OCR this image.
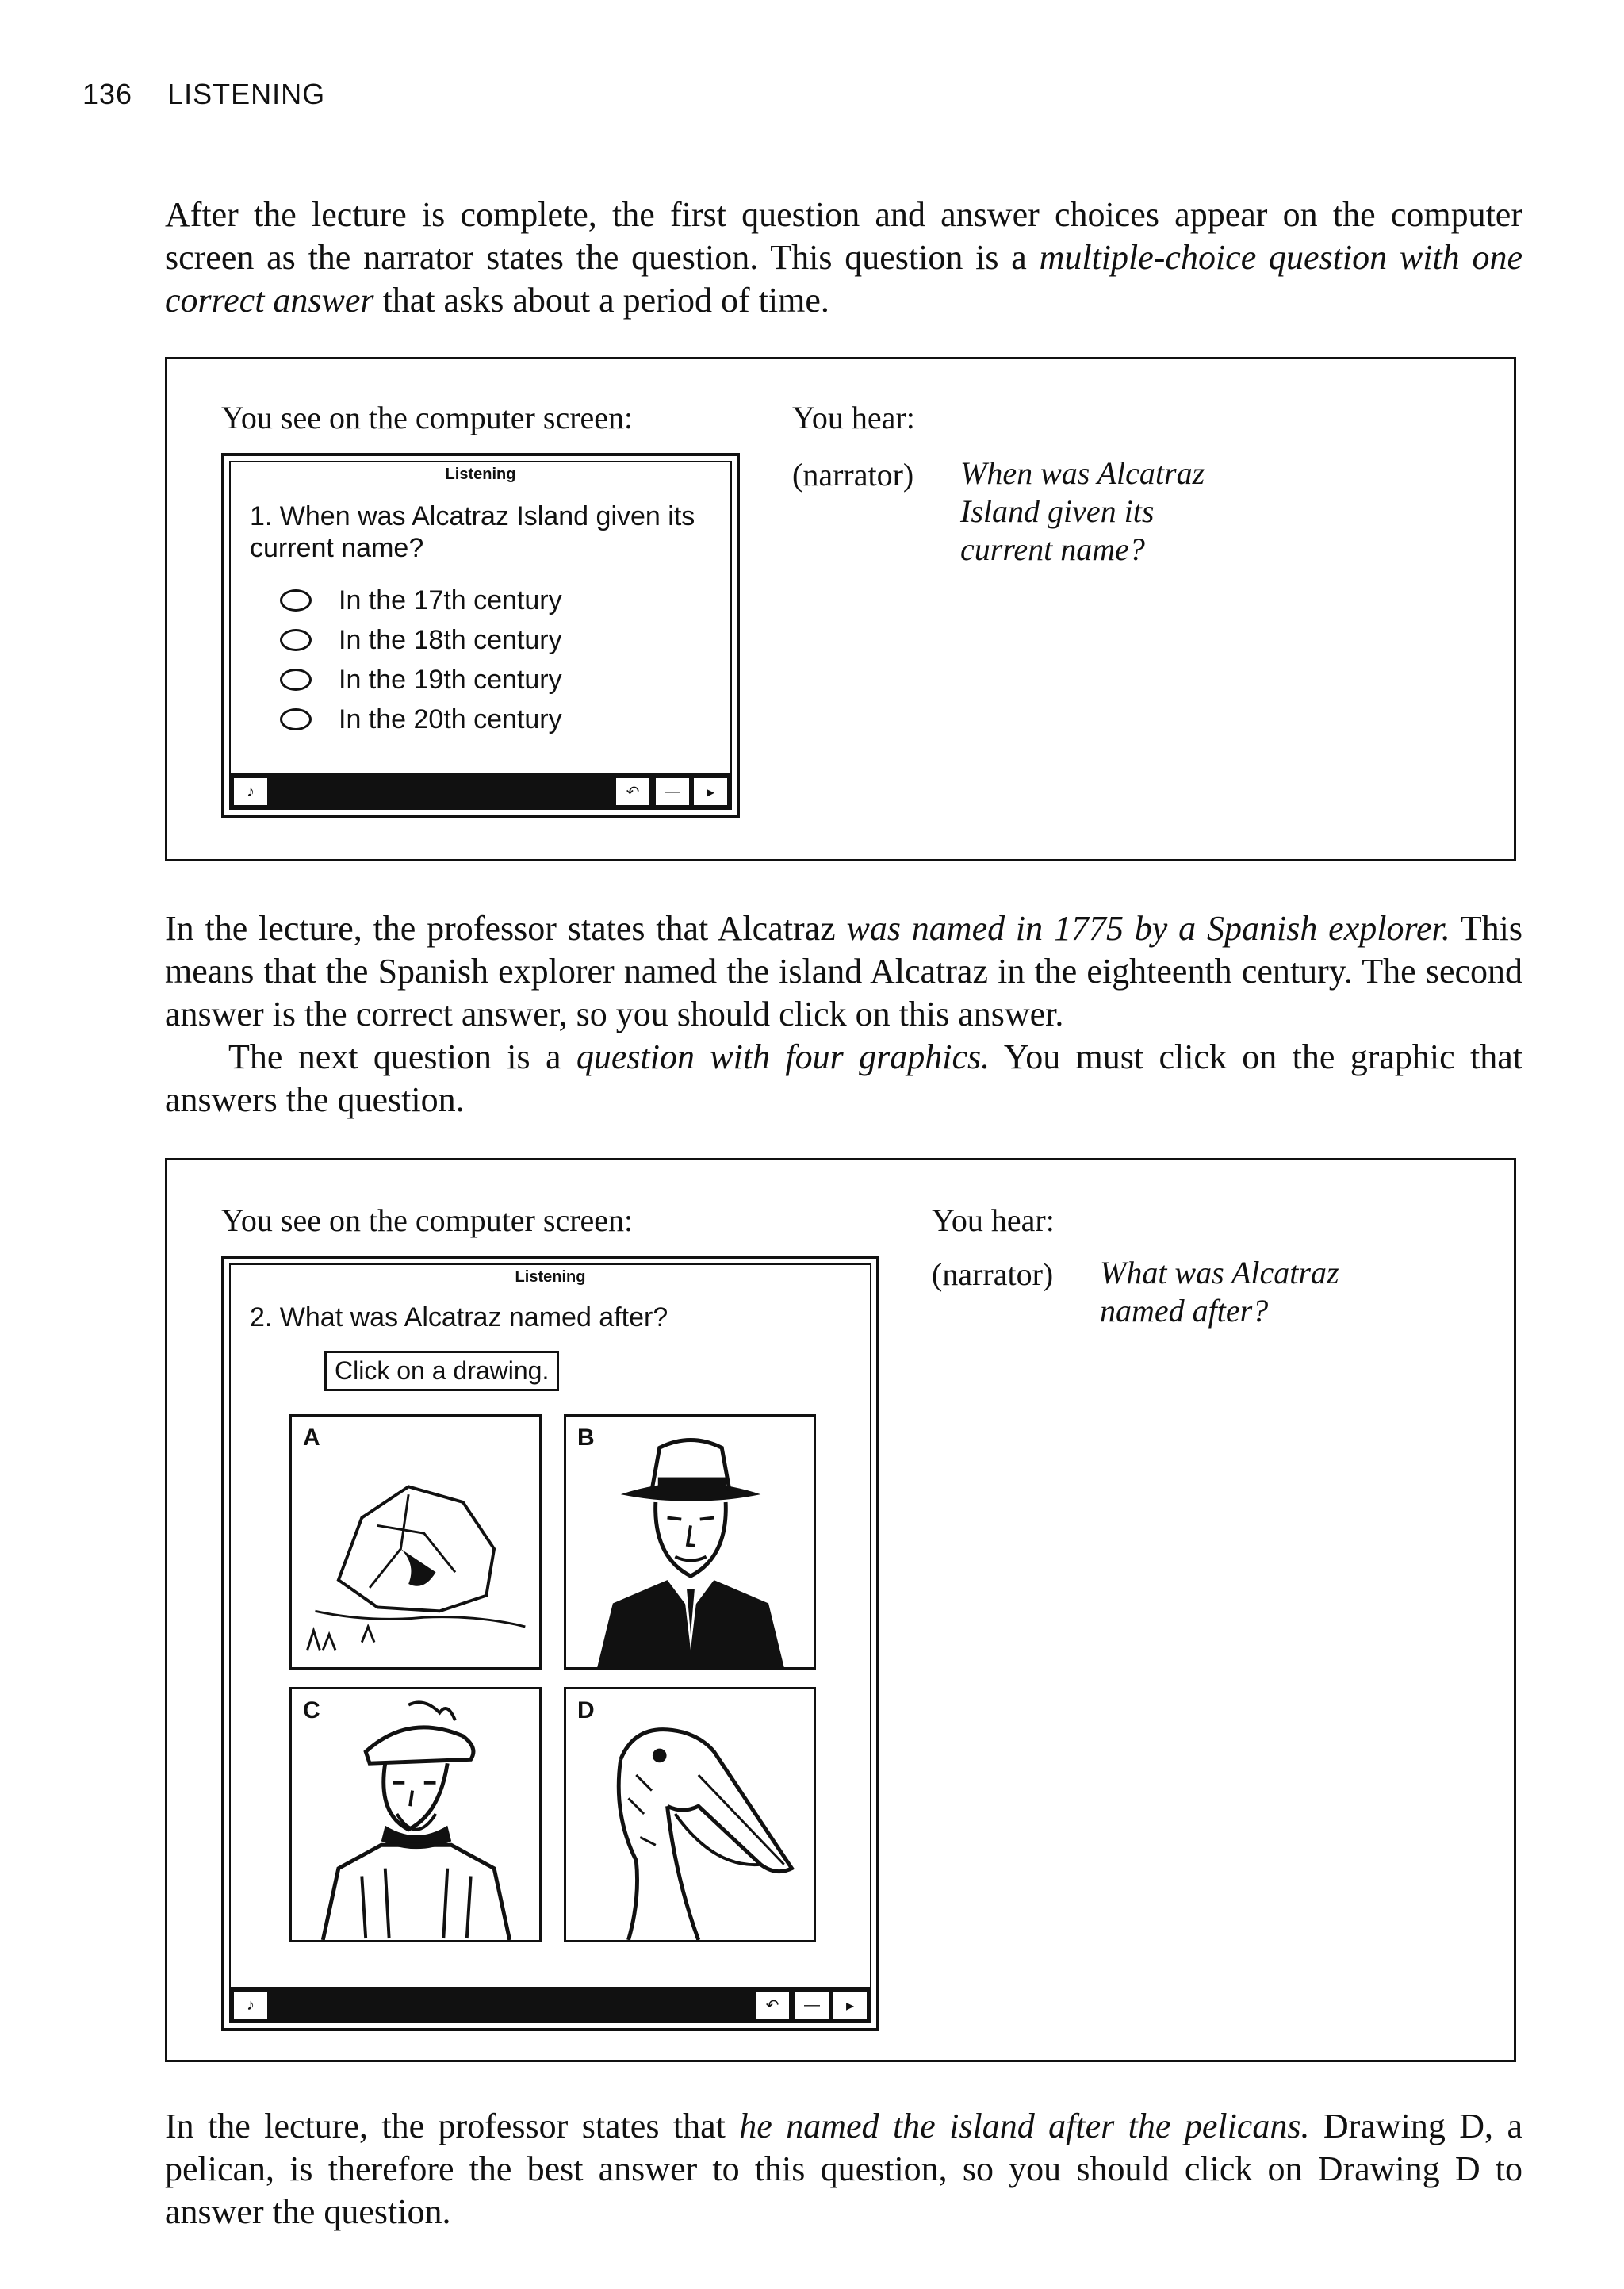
136 LISTENING
After the lecture is complete, the first question and answer choices appear on the computer screen as the narrator states the question. This question is a multiple-choice question with one correct answer that asks about a period of time.
You see on the computer screen:	You hear:
Listening
1. When was Alcatraz Island given its current name?
In the 17th century
In the 18th century
In the 19th century
In the 20th century
♪	↶ — ▸
(narrator) When was Alcatraz Island given its current name?
In the lecture, the professor states that Alcatraz was named in 1775 by a Spanish explorer. This means that the Spanish explorer named the island Alcatraz in the eighteenth century. The second answer is the correct answer, so you should click on this answer.
The next question is a question with four graphics. You must click on the graphic that answers the question.
You see on the computer screen:	You hear:
Listening
2. What was Alcatraz named after?
Click on a drawing.
A	B
C	D
♪	↶ — ▸
(narrator) What was Alcatraz named after?
In the lecture, the professor states that he named the island after the pelicans. Drawing D, a pelican, is therefore the best answer to this question, so you should click on Drawing D to answer the question.
